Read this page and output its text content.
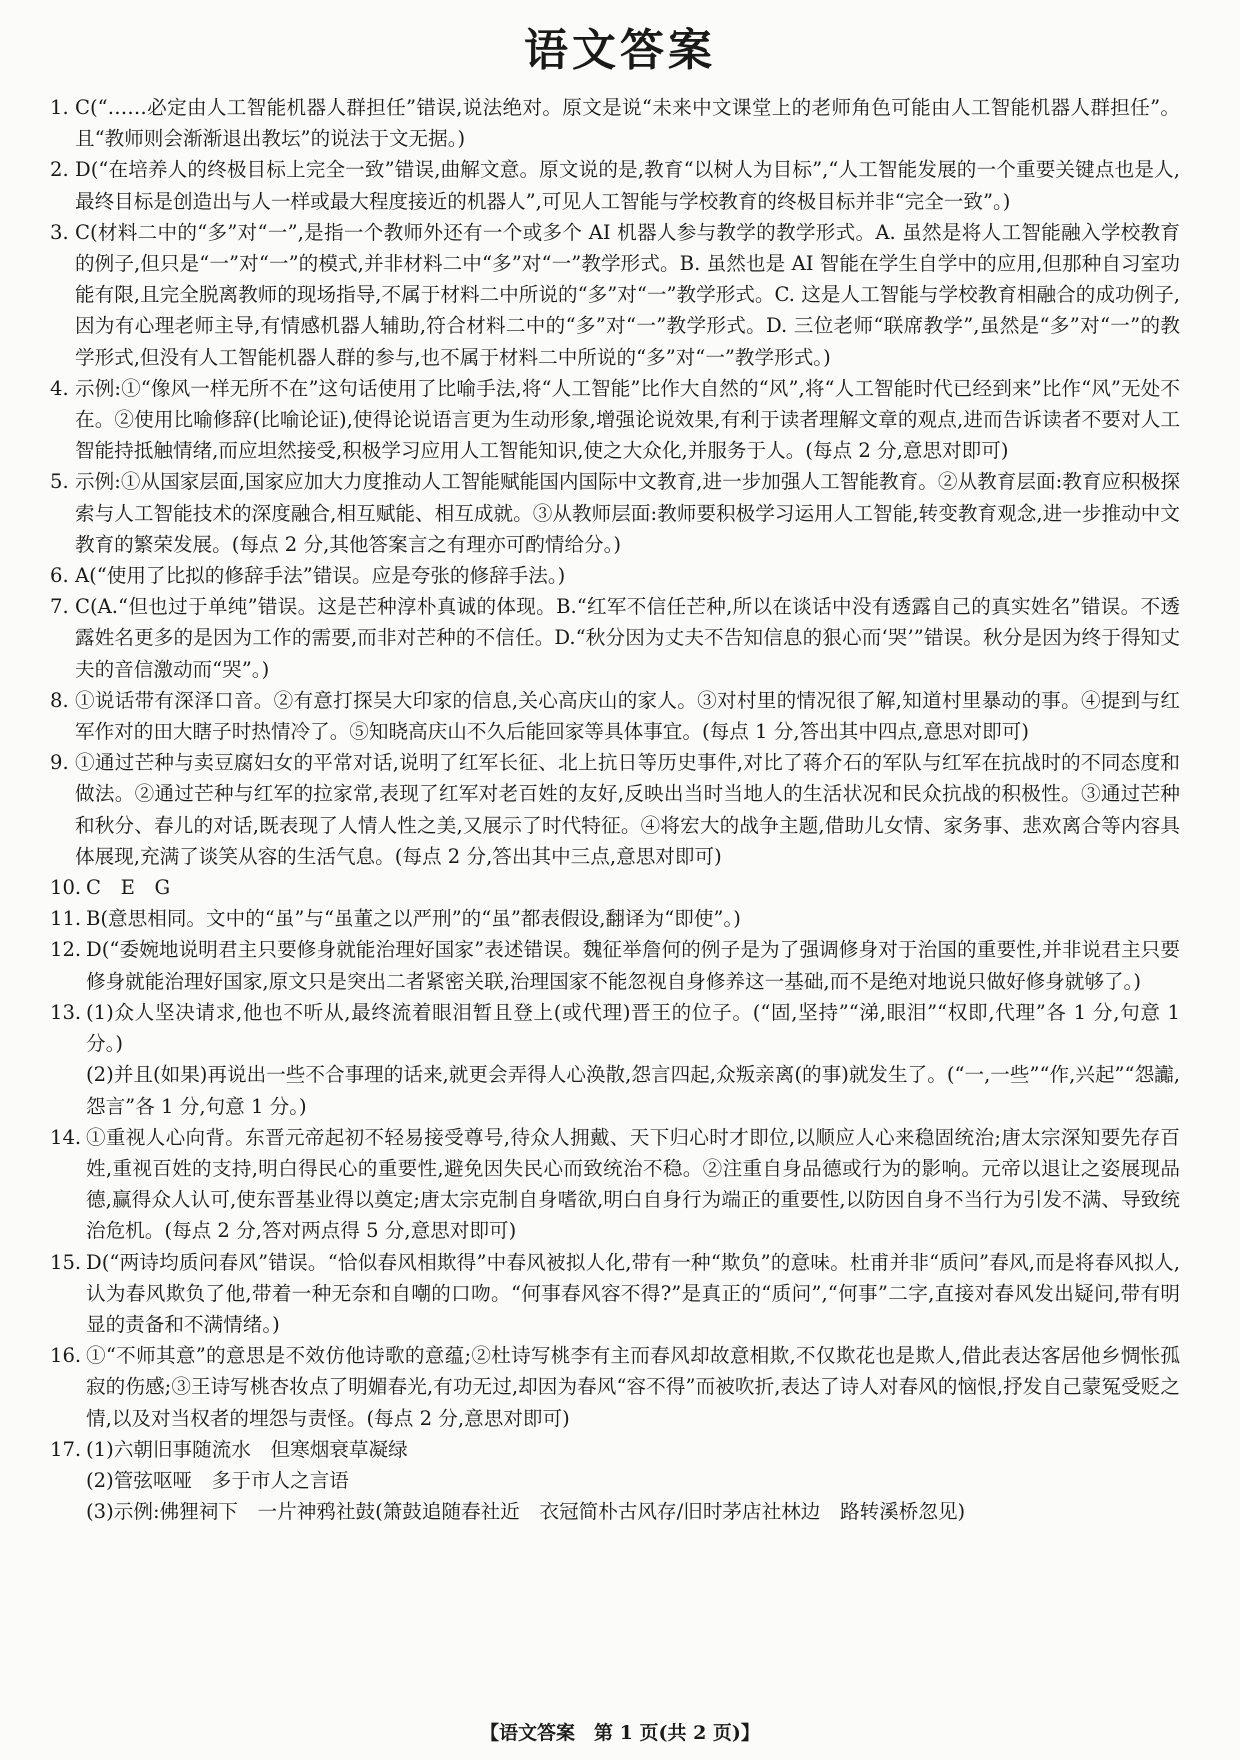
语文答案
1. C(“……必定由人工智能机器人群担任”错误,说法绝对。原文是说“未来中文课堂上的老师角色可能由人工智能机器人群担任”。且“教师则会渐渐退出教坛”的说法于文无据。)
2. D(“在培养人的终极目标上完全一致”错误,曲解文意。原文说的是,教育“以树人为目标”,“人工智能发展的一个重要关键点也是人,最终目标是创造出与人一样或最大程度接近的机器人”,可见人工智能与学校教育的终极目标并非“完全一致”。)
3. C(材料二中的“多”对“一”,是指一个教师外还有一个或多个 AI 机器人参与教学的教学形式。A. 虽然是将人工智能融入学校教育的例子,但只是“一”对“一”的模式,并非材料二中“多”对“一”教学形式。B. 虽然也是 AI 智能在学生自学中的应用,但那种自习室功能有限,且完全脱离教师的现场指导,不属于材料二中所说的“多”对“一”教学形式。C. 这是人工智能与学校教育相融合的成功例子,因为有心理老师主导,有情感机器人辅助,符合材料二中的“多”对“一”教学形式。D. 三位老师“联席教学”,虽然是“多”对“一”的教学形式,但没有人工智能机器人群的参与,也不属于材料二中所说的“多”对“一”教学形式。)
4. 示例:①“像风一样无所不在”这句话使用了比喻手法,将“人工智能”比作大自然的“风”,将“人工智能时代已经到来”比作“风”无处不在。②使用比喻修辞(比喻论证),使得论说语言更为生动形象,增强论说效果,有利于读者理解文章的观点,进而告诉读者不要对人工智能持抵触情绪,而应坦然接受,积极学习应用人工智能知识,使之大众化,并服务于人。(每点 2 分,意思对即可)
5. 示例:①从国家层面,国家应加大力度推动人工智能赋能国内国际中文教育,进一步加强人工智能教育。②从教育层面:教育应积极探索与人工智能技术的深度融合,相互赋能、相互成就。③从教师层面:教师要积极学习运用人工智能,转变教育观念,进一步推动中文教育的繁荣发展。(每点 2 分,其他答案言之有理亦可酌情给分。)
6. A(“使用了比拟的修辞手法”错误。应是夸张的修辞手法。)
7. C(A.“但也过于单纯”错误。这是芒种淳朴真诚的体现。B.“红军不信任芒种,所以在谈话中没有透露自己的真实姓名”错误。不透露姓名更多的是因为工作的需要,而非对芒种的不信任。D.“秋分因为丈夫不告知信息的狠心而‘哭’”错误。秋分是因为终于得知丈夫的音信激动而“哭”。)
8. ①说话带有深泽口音。②有意打探吴大印家的信息,关心高庆山的家人。③对村里的情况很了解,知道村里暴动的事。④提到与红军作对的田大瞎子时热情冷了。⑤知晓高庆山不久后能回家等具体事宜。(每点 1 分,答出其中四点,意思对即可)
9. ①通过芒种与卖豆腐妇女的平常对话,说明了红军长征、北上抗日等历史事件,对比了蒋介石的军队与红军在抗战时的不同态度和做法。②通过芒种与红军的拉家常,表现了红军对老百姓的友好,反映出当时当地人的生活状况和民众抗战的积极性。③通过芒种和秋分、春儿的对话,既表现了人情人性之美,又展示了时代特征。④将宏大的战争主题,借助儿女情、家务事、悲欢离合等内容具体展现,充满了谈笑从容的生活气息。(每点 2 分,答出其中三点,意思对即可)
10. C　E　G
11. B(意思相同。文中的“虽”与“虽董之以严刑”的“虽”都表假设,翻译为“即使”。)
12. D(“委婉地说明君主只要修身就能治理好国家”表述错误。魏征举詹何的例子是为了强调修身对于治国的重要性,并非说君主只要修身就能治理好国家,原文只是突出二者紧密关联,治理国家不能忽视自身修养这一基础,而不是绝对地说只做好修身就够了。)
13. (1)众人坚决请求,他也不听从,最终流着眼泪暂且登上(或代理)晋王的位子。(“固,坚持”“涕,眼泪”“权即,代理”各 1 分,句意 1 分。)
(2)并且(如果)再说出一些不合事理的话来,就更会弄得人心涣散,怨言四起,众叛亲离(的事)就发生了。(“一,一些”“作,兴起”“怨讟,怨言”各 1 分,句意 1 分。)
14. ①重视人心向背。东晋元帝起初不轻易接受尊号,待众人拥戴、天下归心时才即位,以顺应人心来稳固统治;唐太宗深知要先存百姓,重视百姓的支持,明白得民心的重要性,避免因失民心而致统治不稳。②注重自身品德或行为的影响。元帝以退让之姿展现品德,赢得众人认可,使东晋基业得以奠定;唐太宗克制自身嗜欲,明白自身行为端正的重要性,以防因自身不当行为引发不满、导致统治危机。(每点 2 分,答对两点得 5 分,意思对即可)
15. D(“两诗均质问春风”错误。“恰似春风相欺得”中春风被拟人化,带有一种“欺负”的意味。杜甫并非“质问”春风,而是将春风拟人,认为春风欺负了他,带着一种无奈和自嘲的口吻。“何事春风容不得?”是真正的“质问”,“何事”二字,直接对春风发出疑问,带有明显的责备和不满情绪。)
16. ①“不师其意”的意思是不效仿他诗歌的意蕴;②杜诗写桃李有主而春风却故意相欺,不仅欺花也是欺人,借此表达客居他乡惆怅孤寂的伤感;③王诗写桃杏妆点了明媚春光,有功无过,却因为春风“容不得”而被吹折,表达了诗人对春风的恼恨,抒发自己蒙冤受贬之情,以及对当权者的埋怨与责怪。(每点 2 分,意思对即可)
17. (1)六朝旧事随流水　但寒烟衰草凝绿
(2)管弦呕哑　多于市人之言语
(3)示例:佛狸祠下　一片神鸦社鼓(箫鼓追随春社近　衣冠简朴古风存/旧时茅店社林边　路转溪桥忽见)
【语文答案　第 1 页(共 2 页)】
